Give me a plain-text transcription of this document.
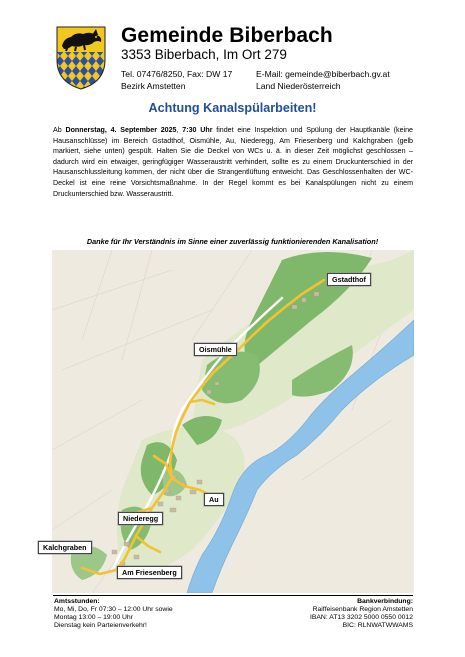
Gemeinde Biberbach
3353 Biberbach, Im Ort 279
Tel. 07476/8250, Fax: DW 17	E-Mail: gemeinde@biberbach.gv.at
Bezirk Amstetten	Land Niederösterreich
Achtung Kanalspülarbeiten!
Ab Donnerstag, 4. September 2025, 7:30 Uhr findet eine Inspektion und Spülung der Hauptkanäle (keine Hausanschlüsse) im Bereich Gstadthof, Oismühle, Au, Niederegg, Am Friesenberg und Kalchgraben (gelb markiert, siehe unten) gespült. Halten Sie die Deckel von WCs u. ä. in dieser Zeit möglichst geschlossen – dadurch wird ein etwaiger, geringfügiger Wasseraustritt verhindert, sollte es zu einem Druckunterschied in der Hausanschlussleitung kommen, der nicht über die Strangentlüftung entweicht. Das Geschlossenhalten der WC-Deckel ist eine reine Vorsichtsmaßnahme. In der Regel kommt es bei Kanalspülungen nicht zu einem Druckunterschied bzw. Wasseraustritt.
Danke für Ihr Verständnis im Sinne einer zuverlässig funktionierenden Kanalisation!
Gstadthof
Oismühle
Au
Niederegg
Kalchgraben
Am Friesenberg
Amtsstunden:
Mo, Mi, Do, Fr 07:30 – 12:00 Uhr sowie
Montag 13:00 – 19:00 Uhr
Dienstag kein Parteienverkehr!
Bankverbindung:
Raiffeisenbank Region Amstetten
IBAN: AT13 3202 5000 0550 0012
BIC: RLNWATWWAMS
